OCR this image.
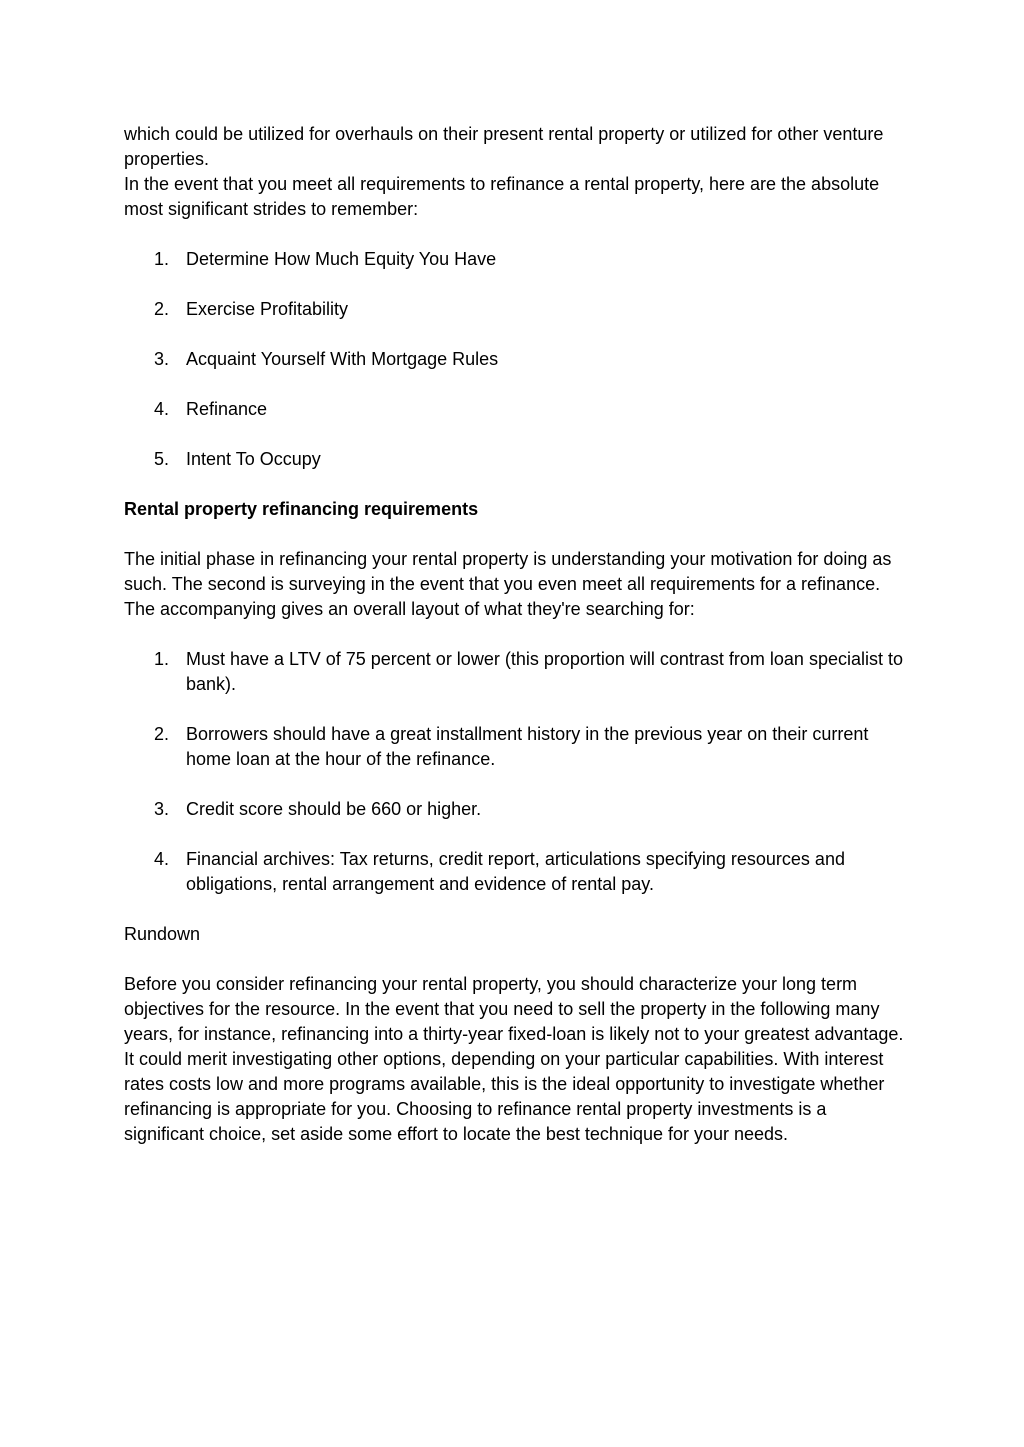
which could be utilized for overhauls on their present rental property or utilized for other venture properties.

In the event that you meet all requirements to refinance a rental property, here are the absolute most significant strides to remember:

1. Determine How Much Equity You Have
2. Exercise Profitability
3. Acquaint Yourself With Mortgage Rules
4. Refinance
5. Intent To Occupy

Rental property refinancing requirements

The initial phase in refinancing your rental property is understanding your motivation for doing as such. The second is surveying in the event that you even meet all requirements for a refinance. The accompanying gives an overall layout of what they're searching for:

1. Must have a LTV of 75 percent or lower (this proportion will contrast from loan specialist to bank).
2. Borrowers should have a great installment history in the previous year on their current home loan at the hour of the refinance.
3. Credit score should be 660 or higher.
4. Financial archives: Tax returns, credit report, articulations specifying resources and obligations, rental arrangement and evidence of rental pay.

Rundown

Before you consider refinancing your rental property, you should characterize your long term objectives for the resource. In the event that you need to sell the property in the following many years, for instance, refinancing into a thirty-year fixed-loan is likely not to your greatest advantage. It could merit investigating other options, depending on your particular capabilities. With interest rates costs low and more programs available, this is the ideal opportunity to investigate whether refinancing is appropriate for you. Choosing to refinance rental property investments is a significant choice, set aside some effort to locate the best technique for your needs.
